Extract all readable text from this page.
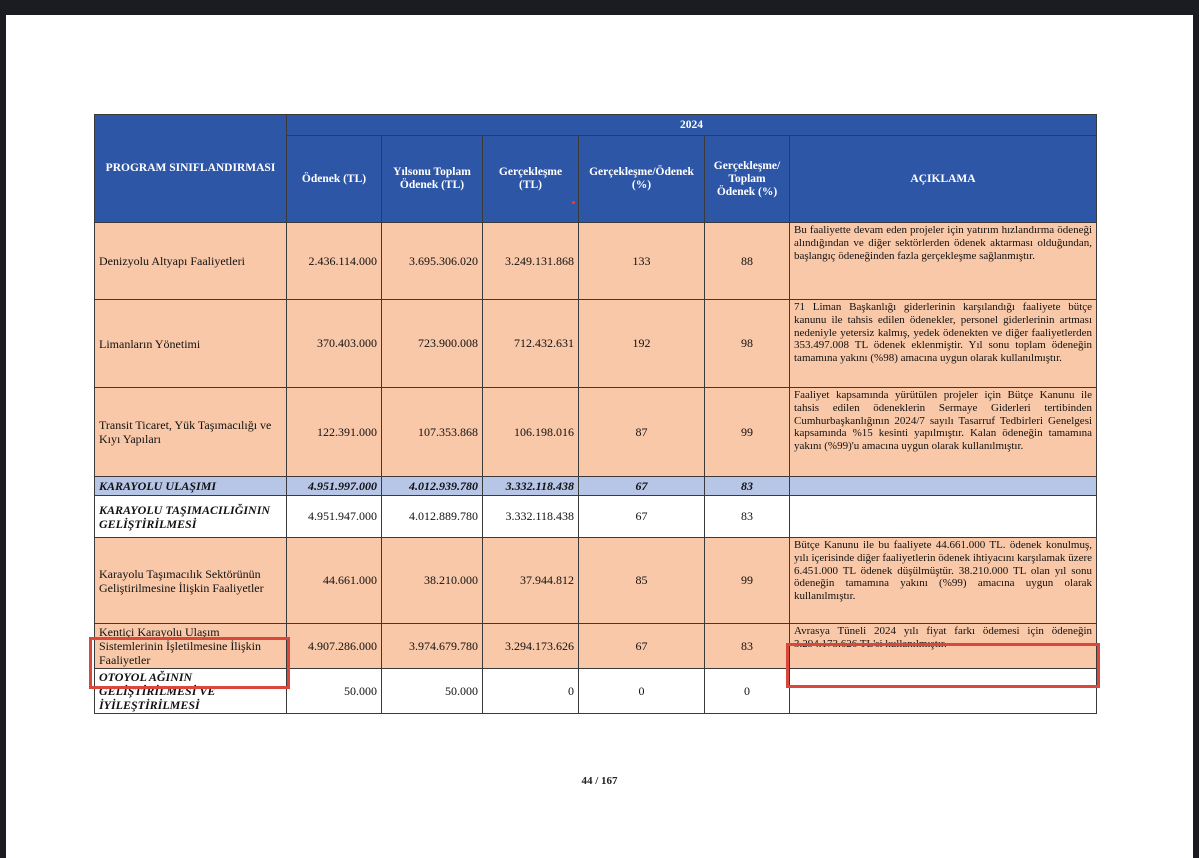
PROGRAM SINIFLANDIRMASI	2024					
	Ödenek (TL)	Yılsonu Toplam Ödenek (TL)	Gerçekleşme (TL)	Gerçekleşme/Ödenek (%)	Gerçekleşme/ Toplam Ödenek (%)	AÇIKLAMA
Denizyolu Altyapı Faaliyetleri	2.436.114.000	3.695.306.020	3.249.131.868	133	88	Bu faaliyette devam eden projeler için yatırım hızlandırma ödeneği alındığından ve diğer sektörlerden ödenek aktarması olduğundan, başlangıç ödeneğinden fazla gerçekleşme sağlanmıştır.
Limanların Yönetimi	370.403.000	723.900.008	712.432.631	192	98	71 Liman Başkanlığı giderlerinin karşılandığı faaliyete bütçe kanunu ile tahsis edilen ödenekler, personel giderlerinin artması nedeniyle yetersiz kalmış, yedek ödenekten ve diğer faaliyetlerden 353.497.008 TL ödenek eklenmiştir. Yıl sonu toplam ödeneğin tamamına yakını (%98) amacına uygun olarak kullanılmıştır.
Transit Ticaret, Yük Taşımacılığı ve Kıyı Yapıları	122.391.000	107.353.868	106.198.016	87	99	Faaliyet kapsamında yürütülen projeler için Bütçe Kanunu ile tahsis edilen ödeneklerin Sermaye Giderleri tertibinden Cumhurbaşkanlığının 2024/7 sayılı Tasarruf Tedbirleri Genelgesi kapsamında %15 kesinti yapılmıştır. Kalan ödeneğin tamamına yakını (%99)'u amacına uygun olarak kullanılmıştır.
KARAYOLU ULAŞIMI	4.951.997.000	4.012.939.780	3.332.118.438	67	83	
KARAYOLU TAŞIMACILIĞININ GELİŞTİRİLMESİ	4.951.947.000	4.012.889.780	3.332.118.438	67	83	
Karayolu Taşımacılık Sektörünün Geliştirilmesine İlişkin Faaliyetler	44.661.000	38.210.000	37.944.812	85	99	Bütçe Kanunu ile bu faaliyete 44.661.000 TL. ödenek konulmuş, yılı içerisinde diğer faaliyetlerin ödenek ihtiyacını karşılamak üzere 6.451.000 TL ödenek düşülmüştür. 38.210.000 TL olan yıl sonu ödeneğin tamamına yakını (%99) amacına uygun olarak kullanılmıştır.
Kentiçi Karayolu Ulaşım Sistemlerinin İşletilmesine İlişkin Faaliyetler	4.907.286.000	3.974.679.780	3.294.173.626	67	83	Avrasya Tüneli 2024 yılı fiyat farkı ödemesi için ödeneğin 3.294.173.626 TL'si kullanılmıştır.
OTOYOL AĞININ GELİŞTİRİLMESİ VE İYİLEŞTİRİLMESİ	50.000	50.000	0	0	0	
44 / 167
